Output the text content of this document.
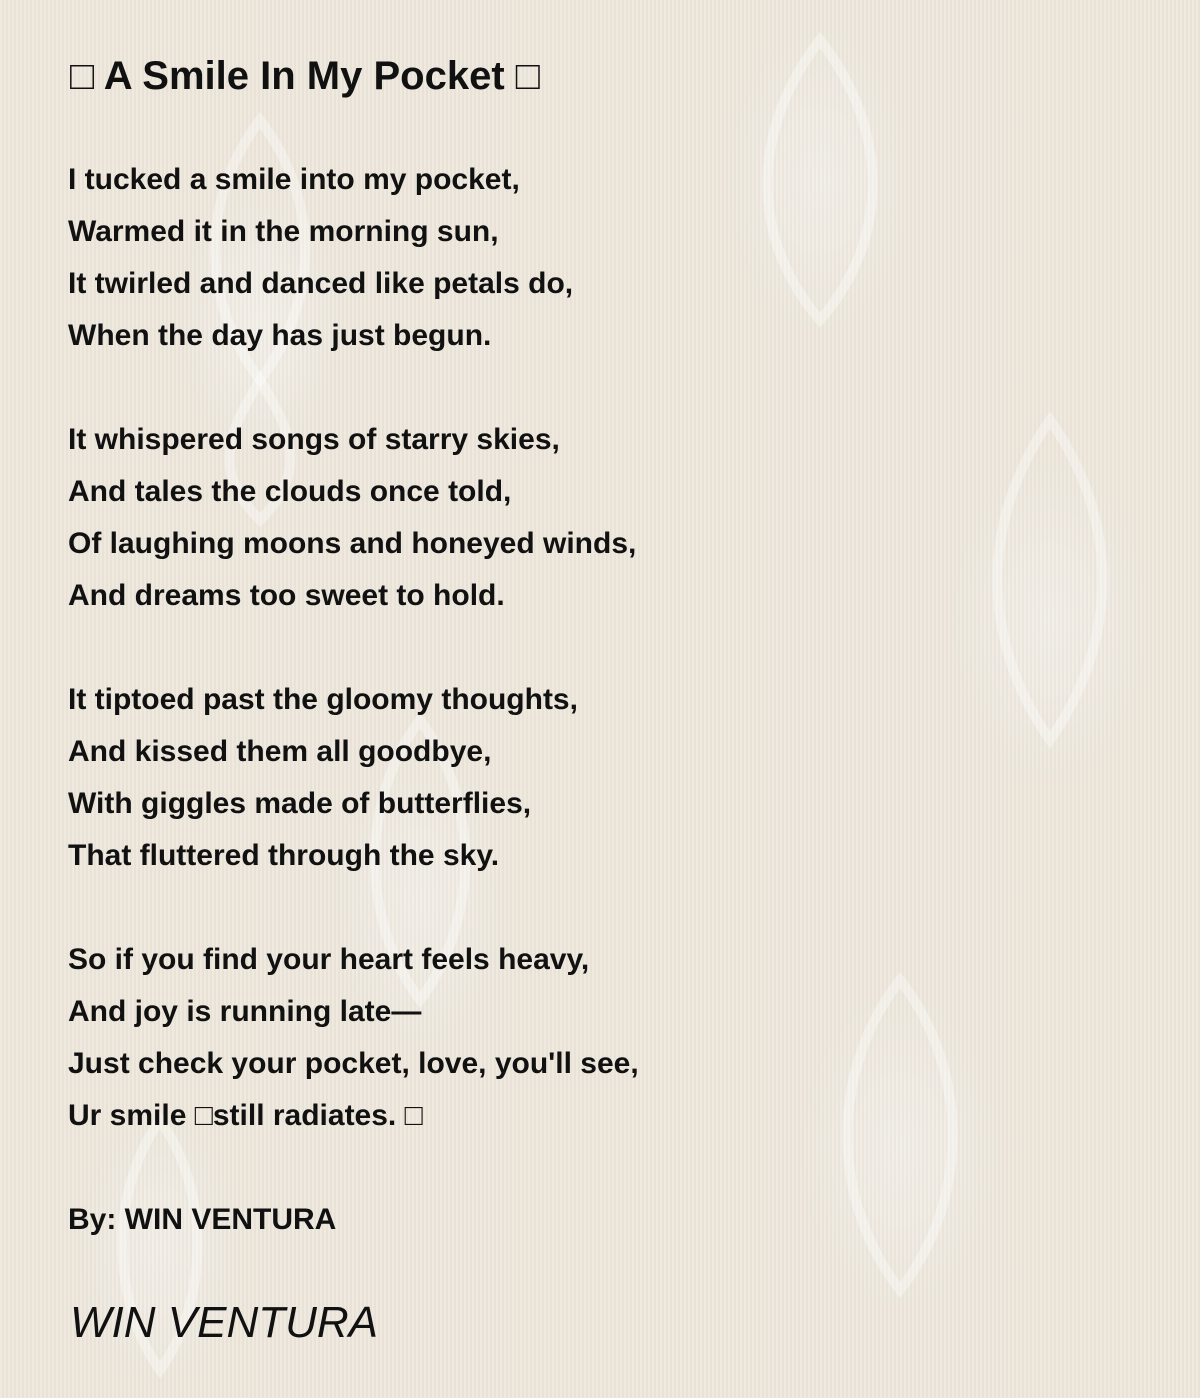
□ A Smile In My Pocket □
I tucked a smile into my pocket,
Warmed it in the morning sun,
It twirled and danced like petals do,
When the day has just begun.
It whispered songs of starry skies,
And tales the clouds once told,
Of laughing moons and honeyed winds,
And dreams too sweet to hold.
It tiptoed past the gloomy thoughts,
And kissed them all goodbye,
With giggles made of butterflies,
That fluttered through the sky.
So if you find your heart feels heavy,
And joy is running late—
Just check your pocket, love, you'll see,
Ur smile □still radiates. □
By: WIN VENTURA
WIN VENTURA
